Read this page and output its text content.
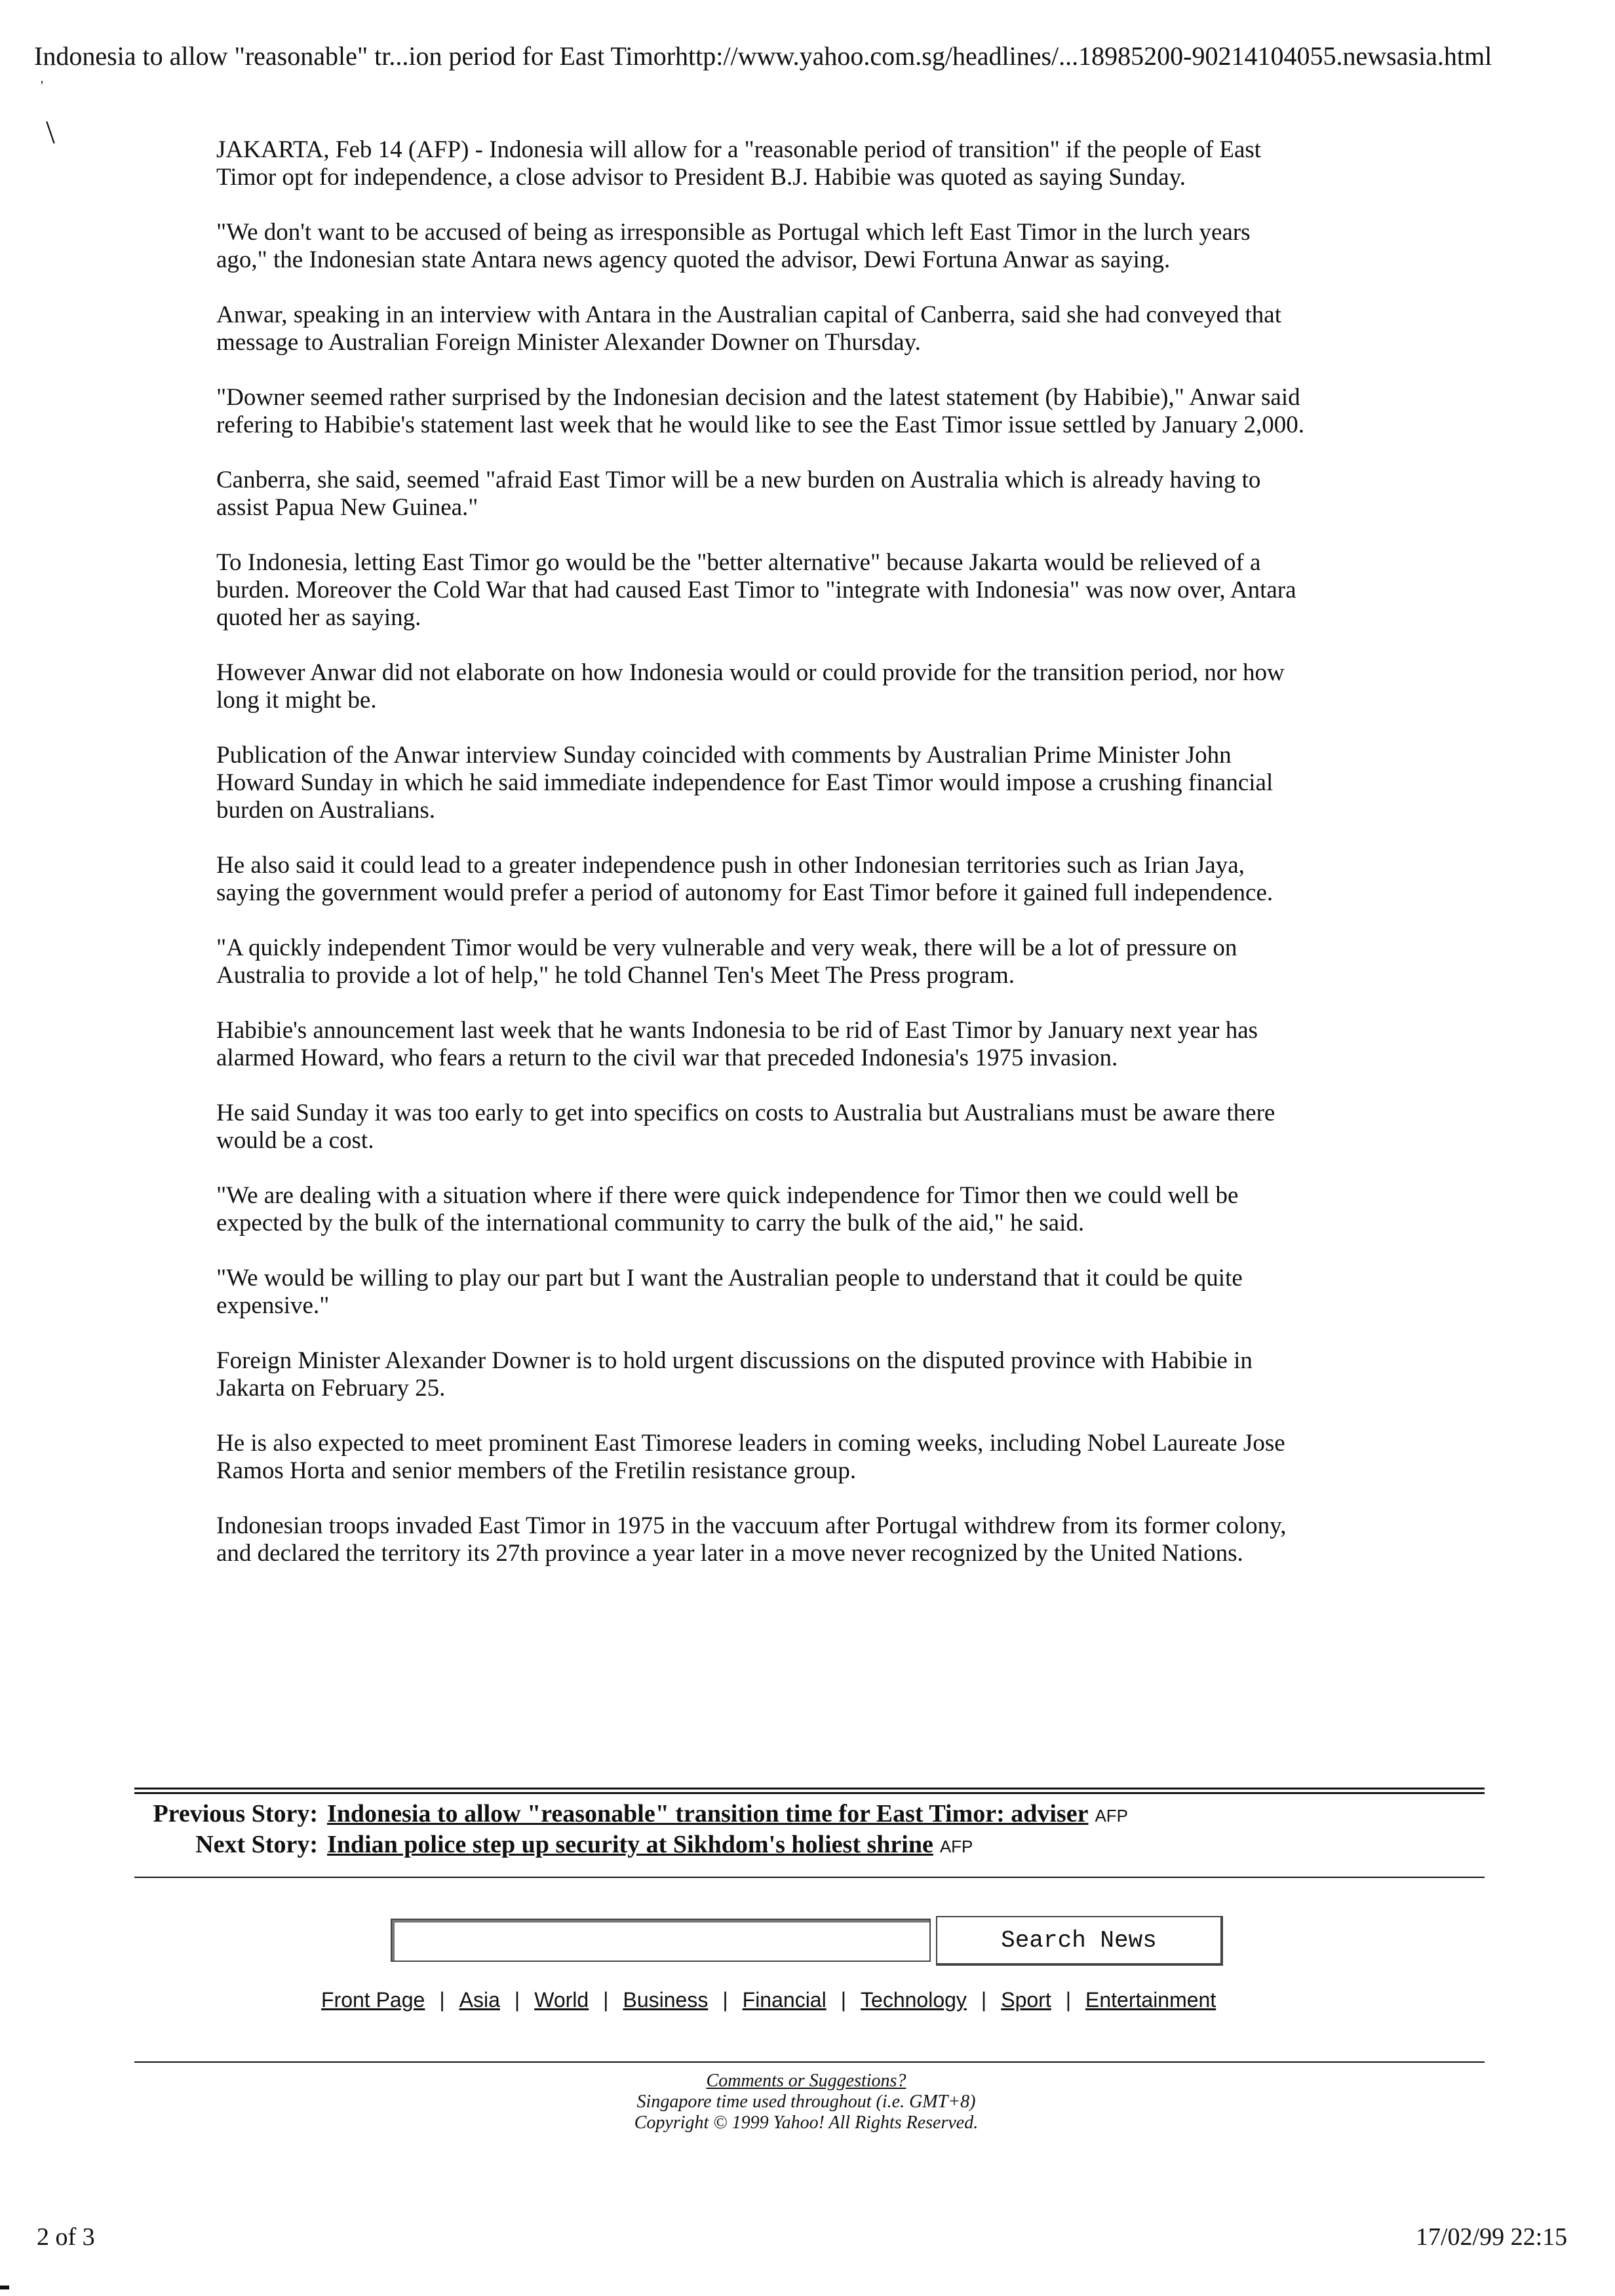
Indonesia to allow "reasonable" tr...ion period for East Timorhttp://www.yahoo.com.sg/headlines/...18985200-90214104055.newsasia.html
'
\	JAKARTA, Feb 14 (AFP) - Indonesia will allow for a "reasonable period of transition" if the people of East Timor opt for independence, a close advisor to President B.J. Habibie was quoted as saying Sunday.

"We don't want to be accused of being as irresponsible as Portugal which left East Timor in the lurch years ago," the Indonesian state Antara news agency quoted the advisor, Dewi Fortuna Anwar as saying.

Anwar, speaking in an interview with Antara in the Australian capital of Canberra, said she had conveyed that message to Australian Foreign Minister Alexander Downer on Thursday.

"Downer seemed rather surprised by the Indonesian decision and the latest statement (by Habibie)," Anwar said refering to Habibie's statement last week that he would like to see the East Timor issue settled by January 2,000.

Canberra, she said, seemed "afraid East Timor will be a new burden on Australia which is already having to assist Papua New Guinea."

To Indonesia, letting East Timor go would be the "better alternative" because Jakarta would be relieved of a burden. Moreover the Cold War that had caused East Timor to "integrate with Indonesia" was now over, Antara quoted her as saying.

However Anwar did not elaborate on how Indonesia would or could provide for the transition period, nor how long it might be.

Publication of the Anwar interview Sunday coincided with comments by Australian Prime Minister John Howard Sunday in which he said immediate independence for East Timor would impose a crushing financial burden on Australians.

He also said it could lead to a greater independence push in other Indonesian territories such as Irian Jaya, saying the government would prefer a period of autonomy for East Timor before it gained full independence.

"A quickly independent Timor would be very vulnerable and very weak, there will be a lot of pressure on Australia to provide a lot of help," he told Channel Ten's Meet The Press program.

Habibie's announcement last week that he wants Indonesia to be rid of East Timor by January next year has alarmed Howard, who fears a return to the civil war that preceded Indonesia's 1975 invasion.

He said Sunday it was too early to get into specifics on costs to Australia but Australians must be aware there would be a cost.

"We are dealing with a situation where if there were quick independence for Timor then we could well be expected by the bulk of the international community to carry the bulk of the aid," he said.

"We would be willing to play our part but I want the Australian people to understand that it could be quite expensive."

Foreign Minister Alexander Downer is to hold urgent discussions on the disputed province with Habibie in Jakarta on February 25.

He is also expected to meet prominent East Timorese leaders in coming weeks, including Nobel Laureate Jose Ramos Horta and senior members of the Fretilin resistance group.

Indonesian troops invaded East Timor in 1975 in the vaccuum after Portugal withdrew from its former colony, and declared the territory its 27th province a year later in a move never recognized by the United Nations.

Previous Story: Indonesia to allow "reasonable" transition time for East Timor: adviser AFP
Next Story: Indian police step up security at Sikhdom's holiest shrine AFP
Search News
Front Page | Asia | World | Business | Financial | Technology | Sport | Entertainment
Comments or Suggestions?
Singapore time used throughout (i.e. GMT+8)
Copyright © 1999 Yahoo! All Rights Reserved.
2 of 3	17/02/99 22:15
